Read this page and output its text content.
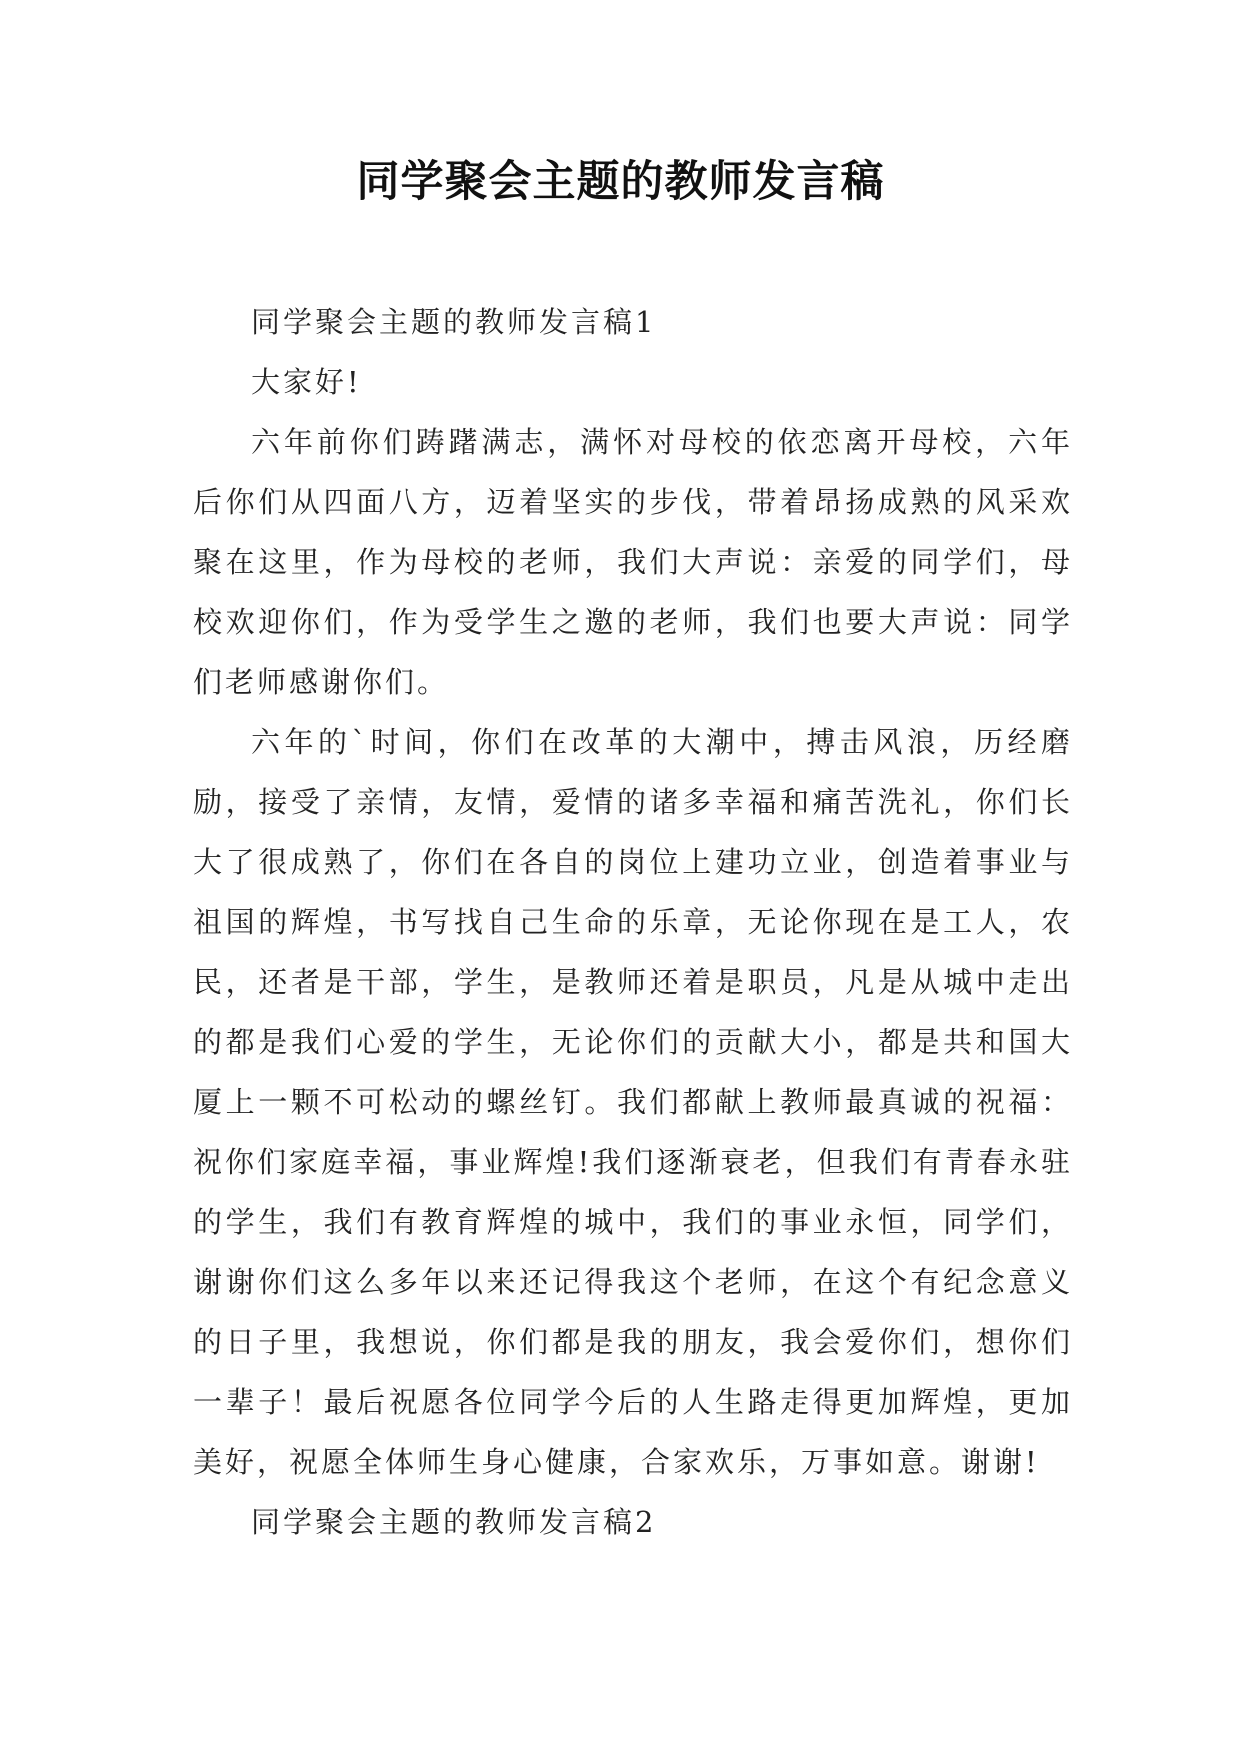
同学聚会主题的教师发言稿

同学聚会主题的教师发言稿1

大家好!

六年前你们踌躇满志，满怀对母校的依恋离开母校，六年后你们从四面八方，迈着坚实的步伐，带着昂扬成熟的风采欢聚在这里，作为母校的老师，我们大声说：亲爱的同学们，母校欢迎你们，作为受学生之邀的老师，我们也要大声说：同学们老师感谢你们。

六年的`时间，你们在改革的大潮中，搏击风浪，历经磨励，接受了亲情，友情，爱情的诸多幸福和痛苦洗礼，你们长大了很成熟了，你们在各自的岗位上建功立业，创造着事业与祖国的辉煌，书写找自己生命的乐章，无论你现在是工人，农民，还者是干部，学生，是教师还着是职员，凡是从城中走出的都是我们心爱的学生，无论你们的贡献大小，都是共和国大厦上一颗不可松动的螺丝钉。我们都献上教师最真诚的祝福：祝你们家庭幸福，事业辉煌!我们逐渐衰老，但我们有青春永驻的学生，我们有教育辉煌的城中，我们的事业永恒，同学们，谢谢你们这么多年以来还记得我这个老师，在这个有纪念意义的日子里，我想说，你们都是我的朋友，我会爱你们，想你们一辈子！最后祝愿各位同学今后的人生路走得更加辉煌，更加美好，祝愿全体师生身心健康，合家欢乐，万事如意。谢谢!

同学聚会主题的教师发言稿2
